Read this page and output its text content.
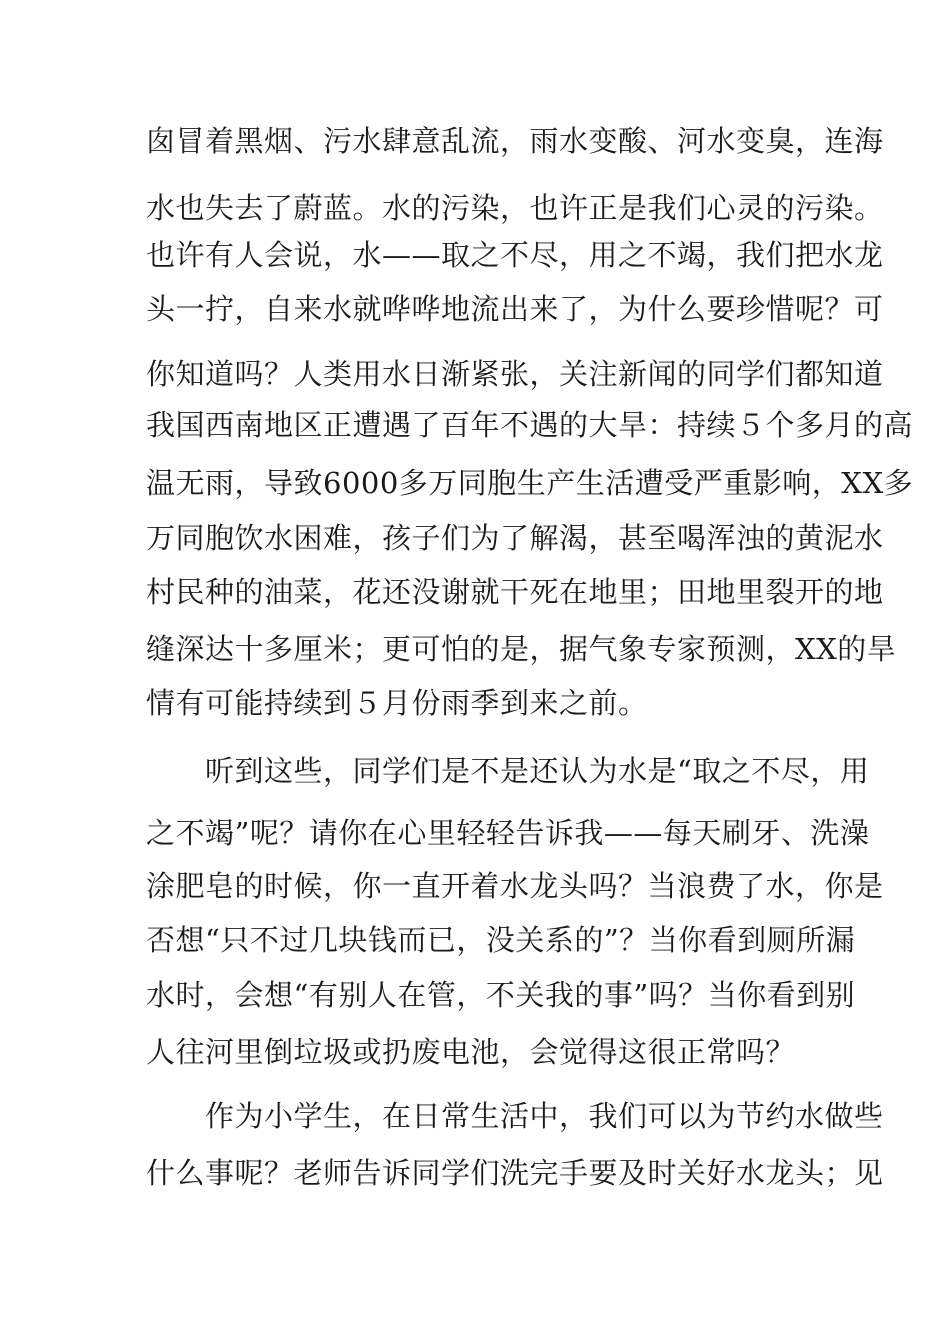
囱冒着黑烟、污水肆意乱流，雨水变酸、河水变臭，连海
水也失去了蔚蓝。水的污染，也许正是我们心灵的污染。
也许有人会说，水——取之不尽，用之不竭，我们把水龙
头一拧，自来水就哗哗地流出来了，为什么要珍惜呢？可
你知道吗？人类用水日渐紧张，关注新闻的同学们都知道
我国西南地区正遭遇了百年不遇的大旱：持续５个多月的高
温无雨，导致6000多万同胞生产生活遭受严重影响，XX多
万同胞饮水困难，孩子们为了解渴，甚至喝浑浊的黄泥水
村民种的油菜，花还没谢就干死在地里；田地里裂开的地
缝深达十多厘米；更可怕的是，据气象专家预测，XX的旱
情有可能持续到５月份雨季到来之前。
　　听到这些，同学们是不是还认为水是“取之不尽，用
之不竭”呢？请你在心里轻轻告诉我——每天刷牙、洗澡
涂肥皂的时候，你一直开着水龙头吗？当浪费了水，你是
否想“只不过几块钱而已，没关系的”？当你看到厕所漏
水时，会想“有别人在管，不关我的事”吗？当你看到别
人往河里倒垃圾或扔废电池，会觉得这很正常吗？
　　作为小学生，在日常生活中，我们可以为节约水做些
什么事呢？老师告诉同学们洗完手要及时关好水龙头；见
